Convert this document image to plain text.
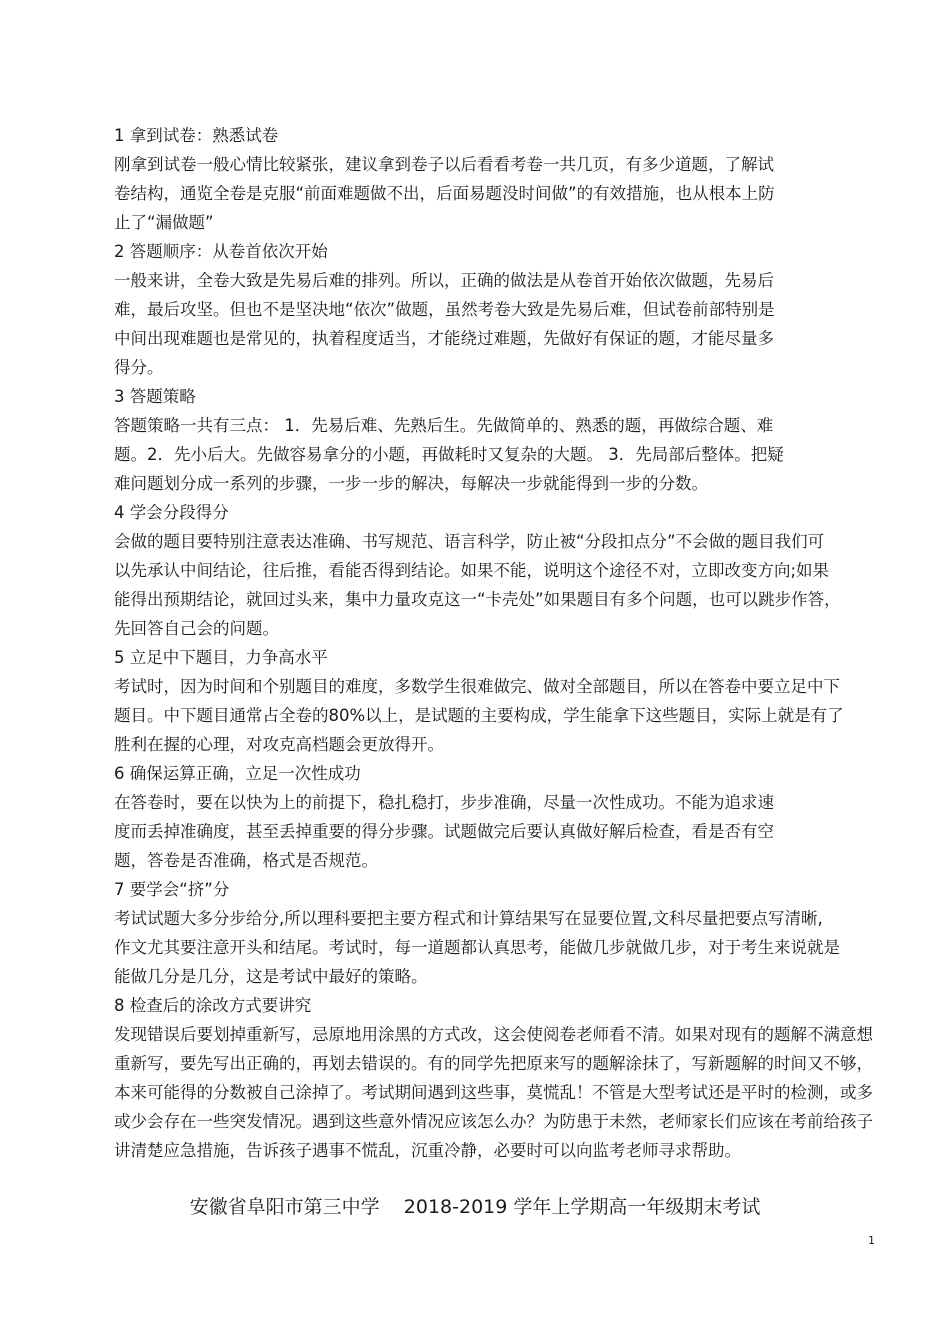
1 拿到试卷：熟悉试卷
刚拿到试卷一般心情比较紧张，建议拿到卷子以后看看考卷一共几页，有多少道题，了解试
卷结构，通览全卷是克服“前面难题做不出，后面易题没时间做”的有效措施，也从根本上防
止了“漏做题”
2 答题顺序：从卷首依次开始
一般来讲，全卷大致是先易后难的排列。所以，正确的做法是从卷首开始依次做题，先易后
难，最后攻坚。但也不是坚决地“依次”做题，虽然考卷大致是先易后难，但试卷前部特别是
中间出现难题也是常见的，执着程度适当，才能绕过难题，先做好有保证的题，才能尽量多
得分。
3 答题策略
答题策略一共有三点： 1．先易后难、先熟后生。先做简单的、熟悉的题，再做综合题、难
题。2．先小后大。先做容易拿分的小题，再做耗时又复杂的大题。 3．先局部后整体。把疑
难问题划分成一系列的步骤，一步一步的解决，每解决一步就能得到一步的分数。
4 学会分段得分
会做的题目要特别注意表达准确、书写规范、语言科学，防止被“分段扣点分”不会做的题目我们可
以先承认中间结论，往后推，看能否得到结论。如果不能，说明这个途径不对，立即改变方向;如果
能得出预期结论，就回过头来，集中力量攻克这一“卡壳处”如果题目有多个问题，也可以跳步作答，
先回答自己会的问题。
5 立足中下题目，力争高水平
考试时，因为时间和个别题目的难度，多数学生很难做完、做对全部题目，所以在答卷中要立足中下
题目。中下题目通常占全卷的80%以上，是试题的主要构成，学生能拿下这些题目，实际上就是有了
胜利在握的心理，对攻克高档题会更放得开。
6 确保运算正确，立足一次性成功
在答卷时，要在以快为上的前提下，稳扎稳打，步步准确，尽量一次性成功。不能为追求速
度而丢掉准确度，甚至丢掉重要的得分步骤。试题做完后要认真做好解后检查，看是否有空
题，答卷是否准确，格式是否规范。
7 要学会“挤”分
考试试题大多分步给分,所以理科要把主要方程式和计算结果写在显要位置,文科尽量把要点写清晰,
作文尤其要注意开头和结尾。考试时，每一道题都认真思考，能做几步就做几步，对于考生来说就是
能做几分是几分，这是考试中最好的策略。
8 检查后的涂改方式要讲究
发现错误后要划掉重新写，忌原地用涂黑的方式改，这会使阅卷老师看不清。如果对现有的题解不满意想
重新写，要先写出正确的，再划去错误的。有的同学先把原来写的题解涂抹了，写新题解的时间又不够，
本来可能得的分数被自己涂掉了。考试期间遇到这些事，莫慌乱！不管是大型考试还是平时的检测，或多
或少会存在一些突发情况。遇到这些意外情况应该怎么办？为防患于未然，老师家长们应该在考前给孩子
讲清楚应急措施，告诉孩子遇事不慌乱，沉重冷静，必要时可以向监考老师寻求帮助。
安徽省阜阳市第三中学    2018-2019 学年上学期高一年级期末考试
1
